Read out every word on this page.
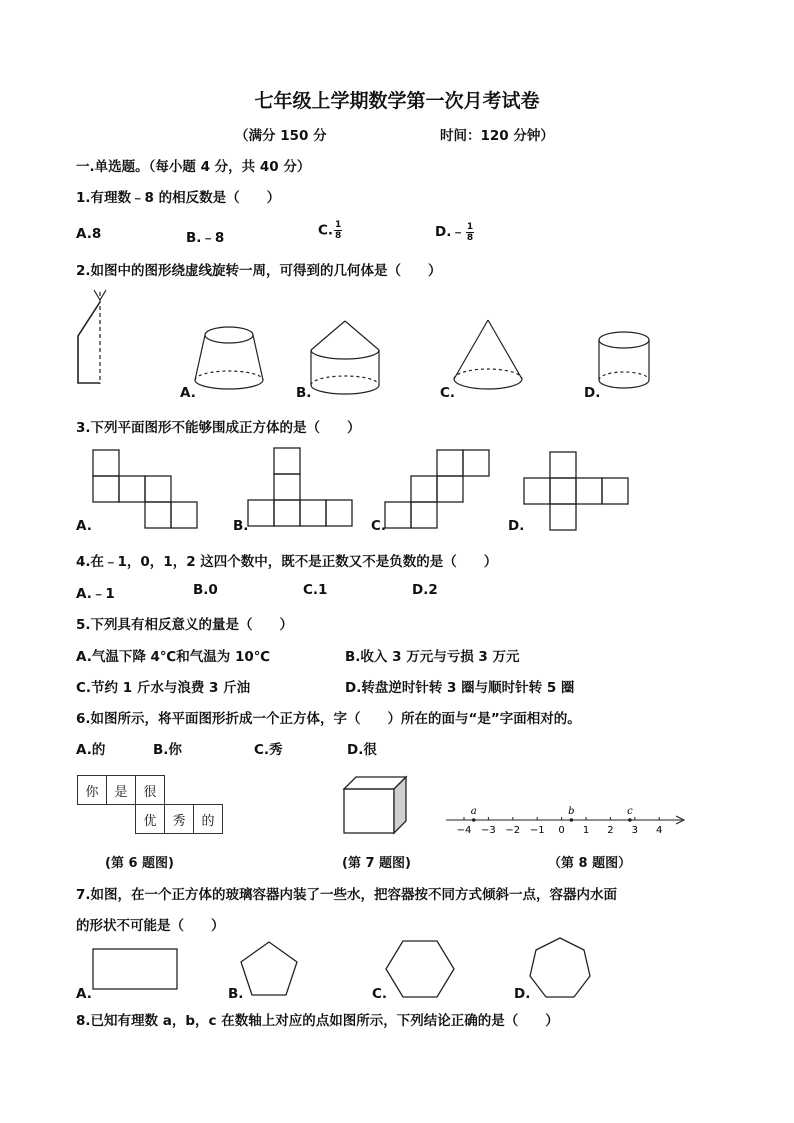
七年级上学期数学第一次月考试卷
（满分 150 分	时间：120 分钟）
一.单选题。（每小题 4 分，共 40 分）
1.有理数﹣8 的相反数是（　　）
A.8	B.﹣8	C. $\frac{1}{8}$	D.﹣ $\frac{1}{8}$
2.如图中的图形绕虚线旋转一周，可得到的几何体是（　　）
A.	B.	C.	D.
3.下列平面图形不能够围成正方体的是（　　）
A.	B.	C.	D.
4.在﹣1，0，1，2 这四个数中，既不是正数又不是负数的是（　　）
A.﹣1	B.0	C.1	D.2
5.下列具有相反意义的量是（　　）
A.气温下降 4℃和气温为 10℃	B.收入 3 万元与亏损 3 万元
C.节约 1 斤水与浪费 3 斤油	D.转盘逆时针转 3 圈与顺时针转 5 圈
6.如图所示，将平面图形折成一个正方体，字（　　）所在的面与“是”字面相对的。
A.的	B.你	C.秀	D.很
你	是	很		
		优	秀	的
−4 −3 −2 −1 0 1 2 3 4
a	b	c
(第 6 题图)	(第 7 题图)	（第 8 题图）
7.如图，在一个正方体的玻璃容器内装了一些水，把容器按不同方式倾斜一点，容器内水面
的形状不可能是（　　）
A.	B.	C.	D.
8.已知有理数 a，b，c 在数轴上对应的点如图所示，下列结论正确的是（　　）
